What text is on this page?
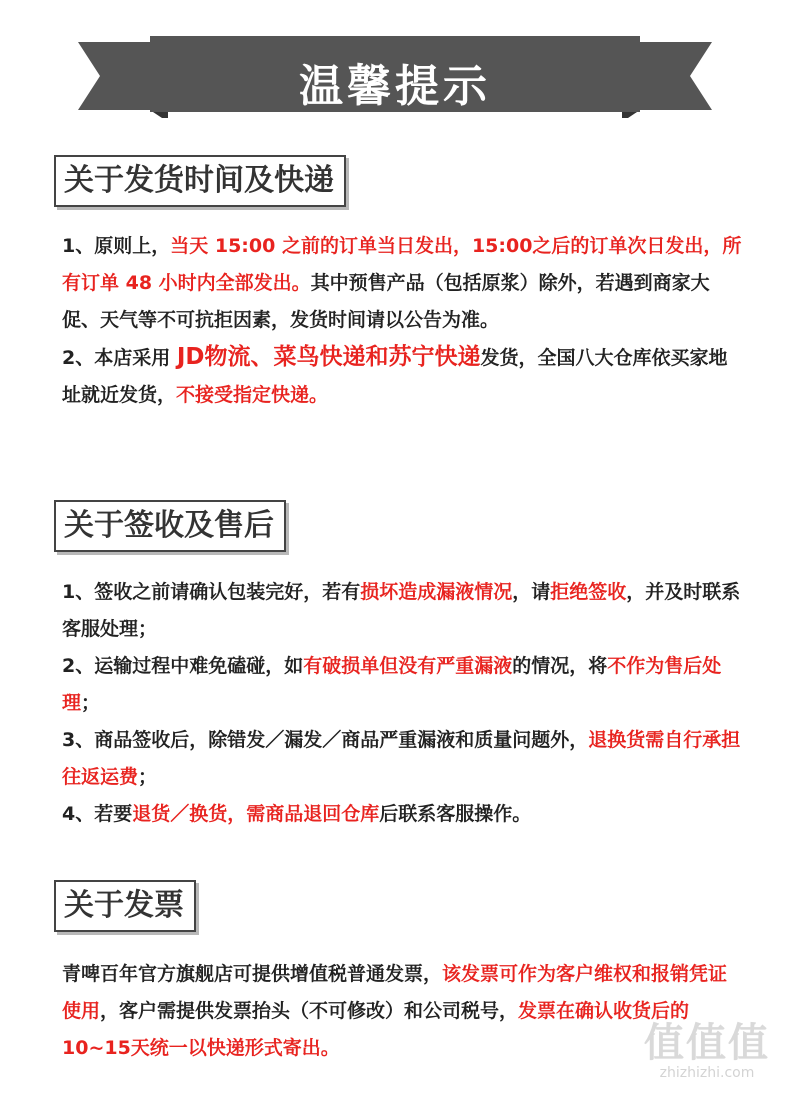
温馨提示
关于发货时间及快递

1、原则上，当天 15:00 之前的订单当日发出，15:00之后的订单次日发出，所有订单 48 小时内全部发出。其中预售产品（包括原浆）除外，若遇到商家大促、天气等不可抗拒因素，发货时间请以公告为准。

2、本店采用 JD物流、菜鸟快递和苏宁快递发货，全国八大仓库依买家地址就近发货，不接受指定快递。

关于签收及售后

1、签收之前请确认包装完好，若有损坏造成漏液情况，请拒绝签收，并及时联系客服处理；

2、运输过程中难免磕碰，如有破损单但没有严重漏液的情况，将不作为售后处理；

3、商品签收后，除错发／漏发／商品严重漏液和质量问题外，退换货需自行承担往返运费；

4、若要退货／换货，需商品退回仓库后联系客服操作。

关于发票

青啤百年官方旗舰店可提供增值税普通发票，该发票可作为客户维权和报销凭证使用，客户需提供发票抬头（不可修改）和公司税号，发票在确认收货后的10~15天统一以快递形式寄出。	值值值
zhizhizhi.com
